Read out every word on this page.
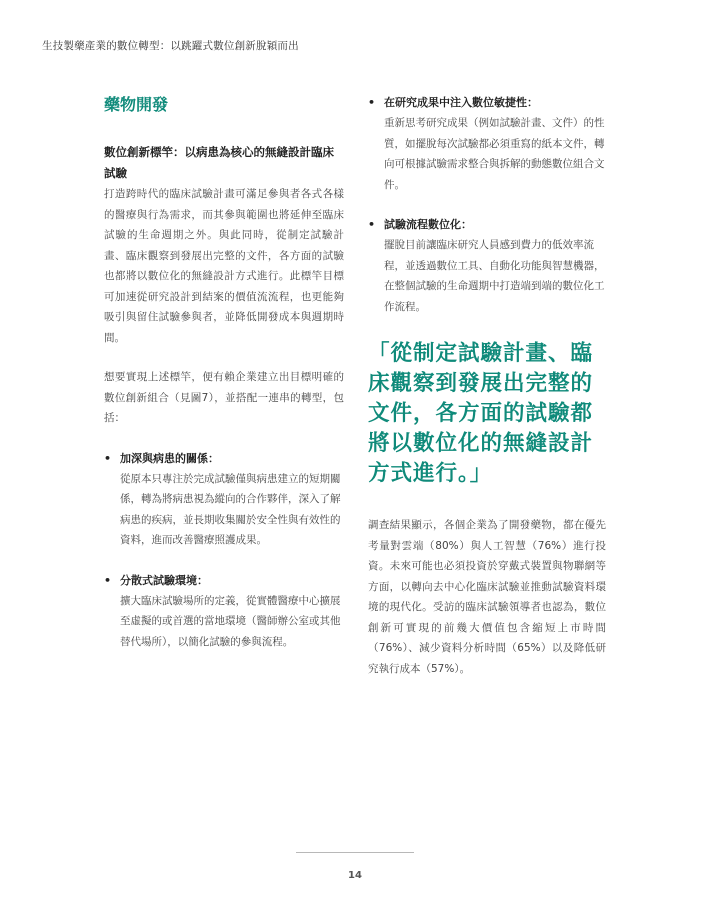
生技製藥產業的數位轉型：以跳躍式數位創新脫穎而出
藥物開發

數位創新標竿：以病患為核心的無縫設計臨床試驗

打造跨時代的臨床試驗計畫可滿足參與者各式各樣的醫療與行為需求，而其參與範圍也將延伸至臨床試驗的生命週期之外。與此同時，從制定試驗計畫、臨床觀察到發展出完整的文件，各方面的試驗也都將以數位化的無縫設計方式進行。此標竿目標可加速從研究設計到結案的價值流流程，也更能夠吸引與留住試驗參與者，並降低開發成本與週期時間。

想要實現上述標竿，便有賴企業建立出目標明確的數位創新組合（見圖7），並搭配一連串的轉型，包括：

• 加深與病患的關係：

從原本只專注於完成試驗僅與病患建立的短期關係，轉為將病患視為縱向的合作夥伴，深入了解病患的疾病，並長期收集關於安全性與有效性的資料，進而改善醫療照護成果。

• 分散式試驗環境：

擴大臨床試驗場所的定義，從實體醫療中心擴展至虛擬的或首選的當地環境（醫師辦公室或其他替代場所），以簡化試驗的參與流程。

• 在研究成果中注入數位敏捷性：

重新思考研究成果（例如試驗計畫、文件）的性質，如擺脫每次試驗都必須重寫的紙本文件，轉向可根據試驗需求整合與拆解的動態數位組合文件。

• 試驗流程數位化：

擺脫目前讓臨床研究人員感到費力的低效率流程，並透過數位工具、自動化功能與智慧機器，在整個試驗的生命週期中打造端到端的數位化工作流程。

「從制定試驗計畫、臨床觀察到發展出完整的文件，各方面的試驗都將以數位化的無縫設計方式進行。」

調查結果顯示，各個企業為了開發藥物，都在優先考量對雲端（80%）與人工智慧（76%）進行投資。未來可能也必須投資於穿戴式裝置與物聯網等方面，以轉向去中心化臨床試驗並推動試驗資料環境的現代化。受訪的臨床試驗領導者也認為，數位創新可實現的前幾大價值包含縮短上市時間（76%）、減少資料分析時間（65%）以及降低研究執行成本（57%）。

14
